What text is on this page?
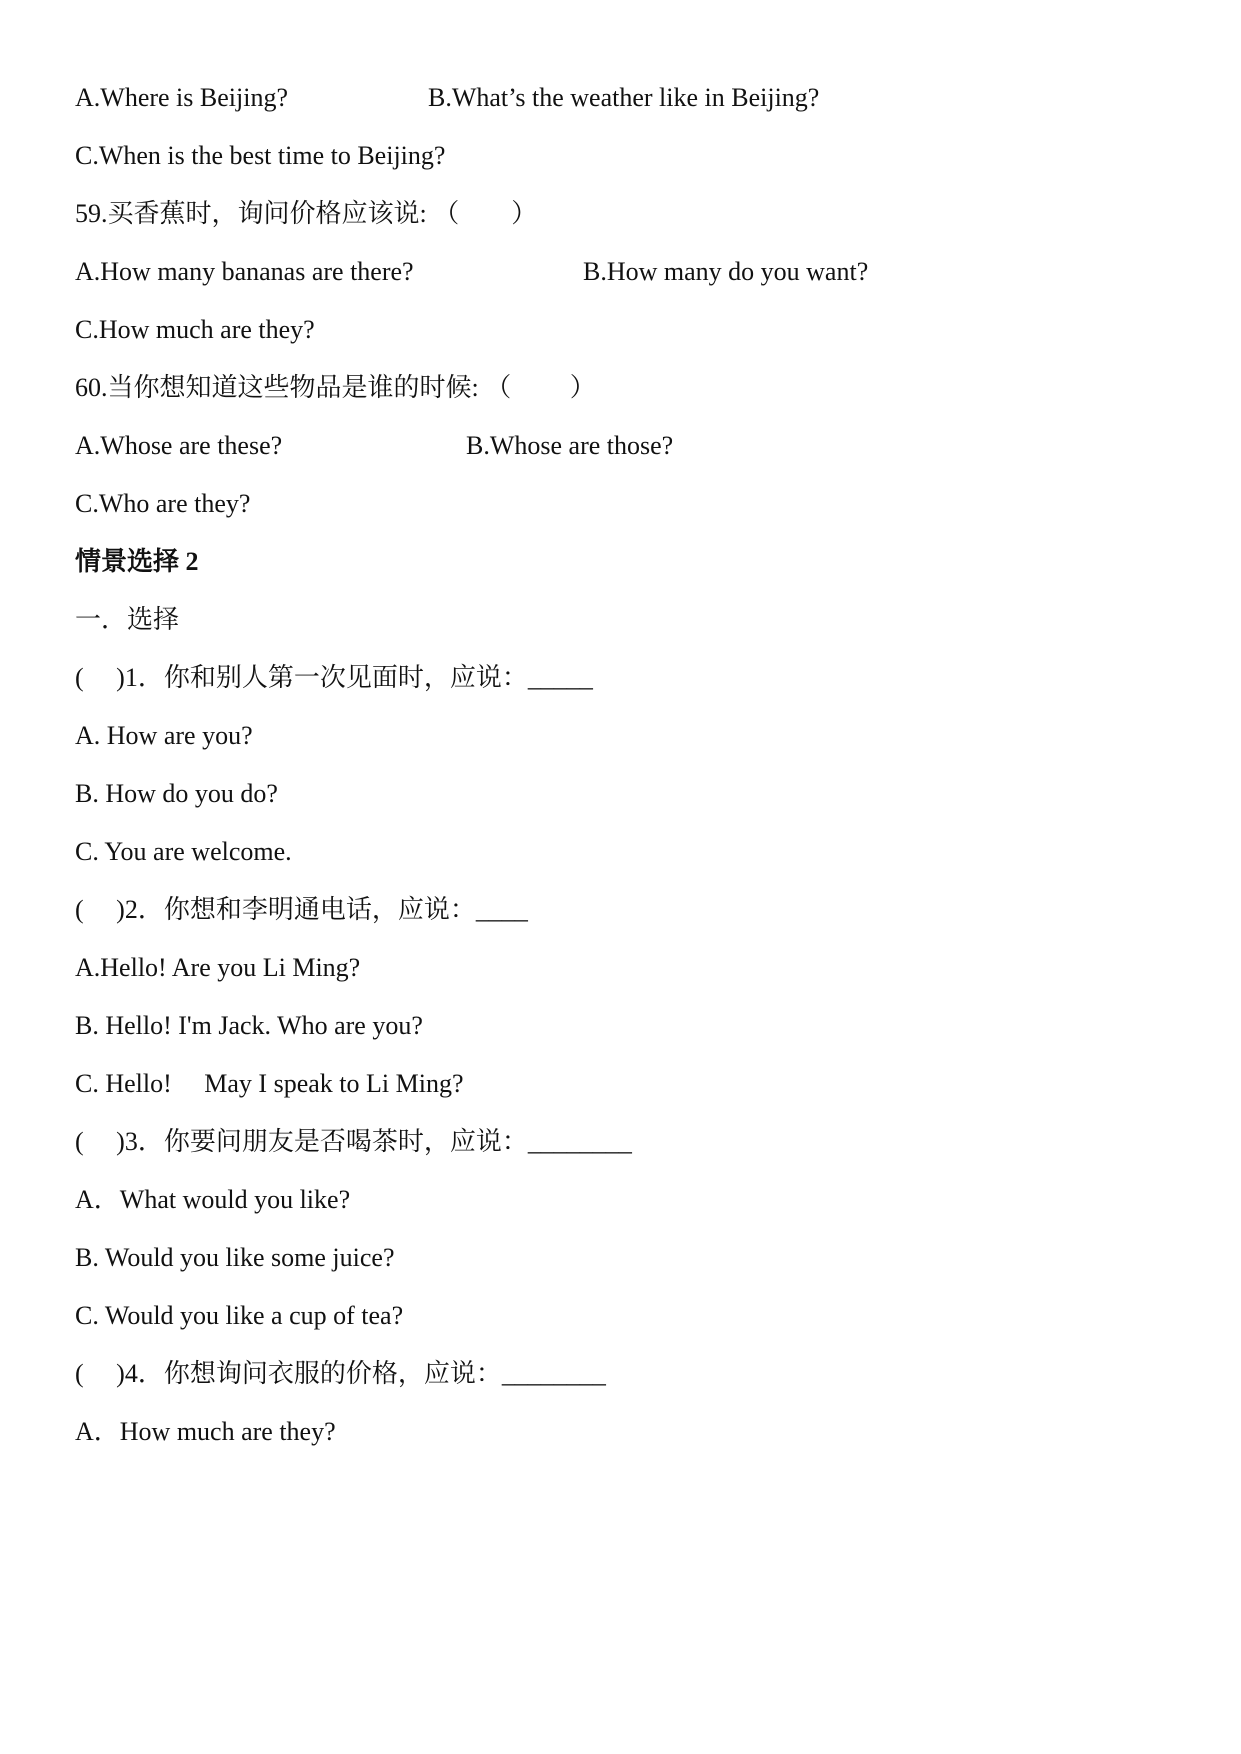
A.Where is Beijing?	B.What’s the weather like in Beijing?
C.When is the best time to Beijing?
59.买香蕉时，询问价格应该说: （　　）
A.How many bananas are there?	B.How many do you want?
C.How much are they?
60.当你想知道这些物品是谁的时候: （　　 ）
A.Whose are these?	B.Whose are those?
C.Who are they?
情景选择 2
一．选择
(　 )1．你和别人第一次见面时，应说：_____
A. How are you?
B. How do you do?
C. You are welcome.
(　 )2．你想和李明通电话，应说：____
A.Hello! Are you Li Ming?
B. Hello! I'm Jack. Who are you?
C. Hello!　 May I speak to Li Ming?
(　 )3．你要问朋友是否喝茶时，应说：________
A．What would you like?
B. Would you like some juice?
C. Would you like a cup of tea?
(　 )4．你想询问衣服的价格，应说：________
A．How much are they?
